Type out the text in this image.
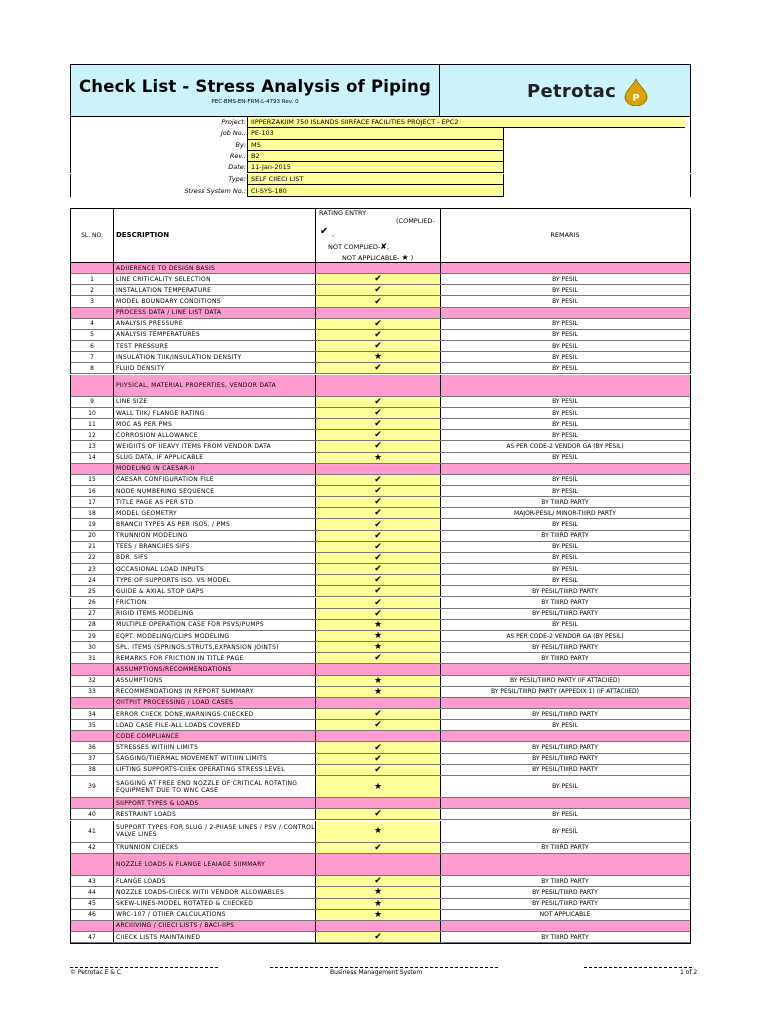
Check List - Stress Analysis of Piping
PEC-BMS-EN-FRM-L-4793 Rev. 0	Petrotac P
Project: IIPPERZAKIIM 750 ISLANDS SIIRFACE FACILITIES PROJECT - EPC2
Job No.: PE-103
By: MS
Rev.: B2
Date: 11-Jan-2015
Type: SELF CIIECI LIST
Stress System No.: CI-SYS-180
SL. NO.	DESCRIPTION
RATING ENTRY
(COMPLIED-
✔ ,
NOT COMPLIED-✘,
NOT APPLICABLE- ★ )
REMARIS
ADIIERENCE TO DESIGN BASIS
1	LINE CRITICALITY SELECTION	✔	BY PESIL
2	INSTALLATION TEMPERATURE	✔	BY PESIL
3	MODEL BOUNDARY CONDITIONS	✔	BY PESIL
PROCESS DATA / LINE LIST DATA
4	ANALYSIS PRESSURE	✔	BY PESIL
5	ANALYSIS TEMPERATURES	✔	BY PESIL
6	TEST PRESSURE	✔	BY PESIL
7	INSULATION TIIK/INSULATION DENSITY	★	BY PESIL
8	FLUID DENSITY	✔	BY PESIL
PIIYSICAL, MATERIAL PROPERTIES, VENDOR DATA
9	LINE SIZE	✔	BY PESIL
10	WALL TIIK/ FLANGE RATING	✔	BY PESIL
11	MOC AS PER PMS	✔	BY PESIL
12	CORROSION ALLOWANCE	✔	BY PESIL
13	WEIGIITS OF IIEAVY ITEMS FROM VENDOR DATA	✔	AS PER CODE-2 VENDOR GA (BY PESIL)
14	SLUG DATA, IF APPLICABLE	★	BY PESIL
MODELING IN CAESAR-II
15	CAESAR CONFIGURATION FILE	✔	BY PESIL
16	NODE NUMBERING SEQUENCE	✔	BY PESIL
17	TITLE PAGE AS PER STD	✔	BY TIIIRD PARTY
18	MODEL GEOMETRY	✔	MAJOR-PESIL/ MINOR-TIIIRD PARTY
19	BRANCII TYPES AS PER ISOS. / PMS	✔	BY PESIL
20	TRUNNION MODELING	✔	BY TIIIRD PARTY
21	TEES / BRANCIIES SIFS	✔	BY PESIL
22	BDR. SIFS	✔	BY PESIL
23	OCCASIONAL LOAD INPUTS	✔	BY PESIL
24	TYPE OF SUPPORTS ISO. VS MODEL	✔	BY PESIL
25	GUIDE & AXIAL STOP GAPS	✔	BY PESIL/TIIIRD PARTY
26	FRICTION	✔	BY TIIIRD PARTY
27	RIGID ITEMS MODELING	✔	BY PESIL/TIIIRD PARTY
28	MULTIPLE OPERATION CASE FOR PSVS/PUMPS	★	BY PESIL
29	EQPT. MODELING/CLIPS MODELING	★	AS PER CODE-2 VENDOR GA (BY PESIL)
30	SPL. ITEMS (SPRINGS,STRUTS,EXPANSION JOINTS)	★	BY PESIL/TIIIRD PARTY
31	REMARKS FOR FRICTION IN TITLE PAGE	✔	BY TIIIRD PARTY
ASSUMPTIONS/RECOMMENDATIONS
32	ASSUMPTIONS	★	BY PESIL/TIIIRD PARTY (IF ATTACIIED)
33	RECOMMENDATIONS IN REPORT SUMMARY	★	BY PESIL/TIIIRD PARTY (APPEDIX 1) (IF ATTACIIED)
OIITPIIT PROCESSING / LOAD CASES
34	ERROR CIIECK DONE,WARNINGS CIIECKED	✔	BY PESIL/TIIIRD PARTY
35	LOAD CASE FILE-ALL LOADS COVERED	✔	BY PESIL
CODE COMPLIANCE
36	STRESSES WITIIIN LIMITS	✔	BY PESIL/TIIIRD PARTY
37	SAGGING/TIIERMAL MOVEMENT WITIIIN LIMITS	✔	BY PESIL/TIIIRD PARTY
38	LIFTING SUPPORTS-CIIEK OPERATING STRESS LEVEL	✔	BY PESIL/TIIIRD PARTY
39	SAGGING AT FREE END NOZZLE OF CRITICAL ROTATING EQUIPMENT DUE TO WNC CASE	★	BY PESIL
SIIPPORT TYPES & LOADS
40	RESTRAINT LOADS	✔	BY PESIL
41	SUPPORT TYPES FOR SLUG / 2-PIIASE LINES / PSV / CONTROL VALVE LINES	★	BY PESIL
42	TRUNNION CIIECKS	✔	BY TIIIRD PARTY
NOZZLE LOADS & FLANGE LEAIAGE SIIMMARY
43	FLANGE LOADS	✔	BY TIIIRD PARTY
44	NOZZLE LOADS-CIIECK WITII VENDOR ALLOWABLES	★	BY PESIL/TIIIRD PARTY
45	SKEW-LINES-MODEL ROTATED & CIIECKED	★	BY PESIL/TIIIRD PARTY
46	WRC-107 / OTIIER CALCULATIONS	★	NOT APPLICABLE
ARCIIIVING / CIIECI LISTS / BACI-IIPS
47	CIIECK LISTS MAINTAINED	✔	BY TIIIRD PARTY
© Petrotac E & C	Business Management System	1 of 2
